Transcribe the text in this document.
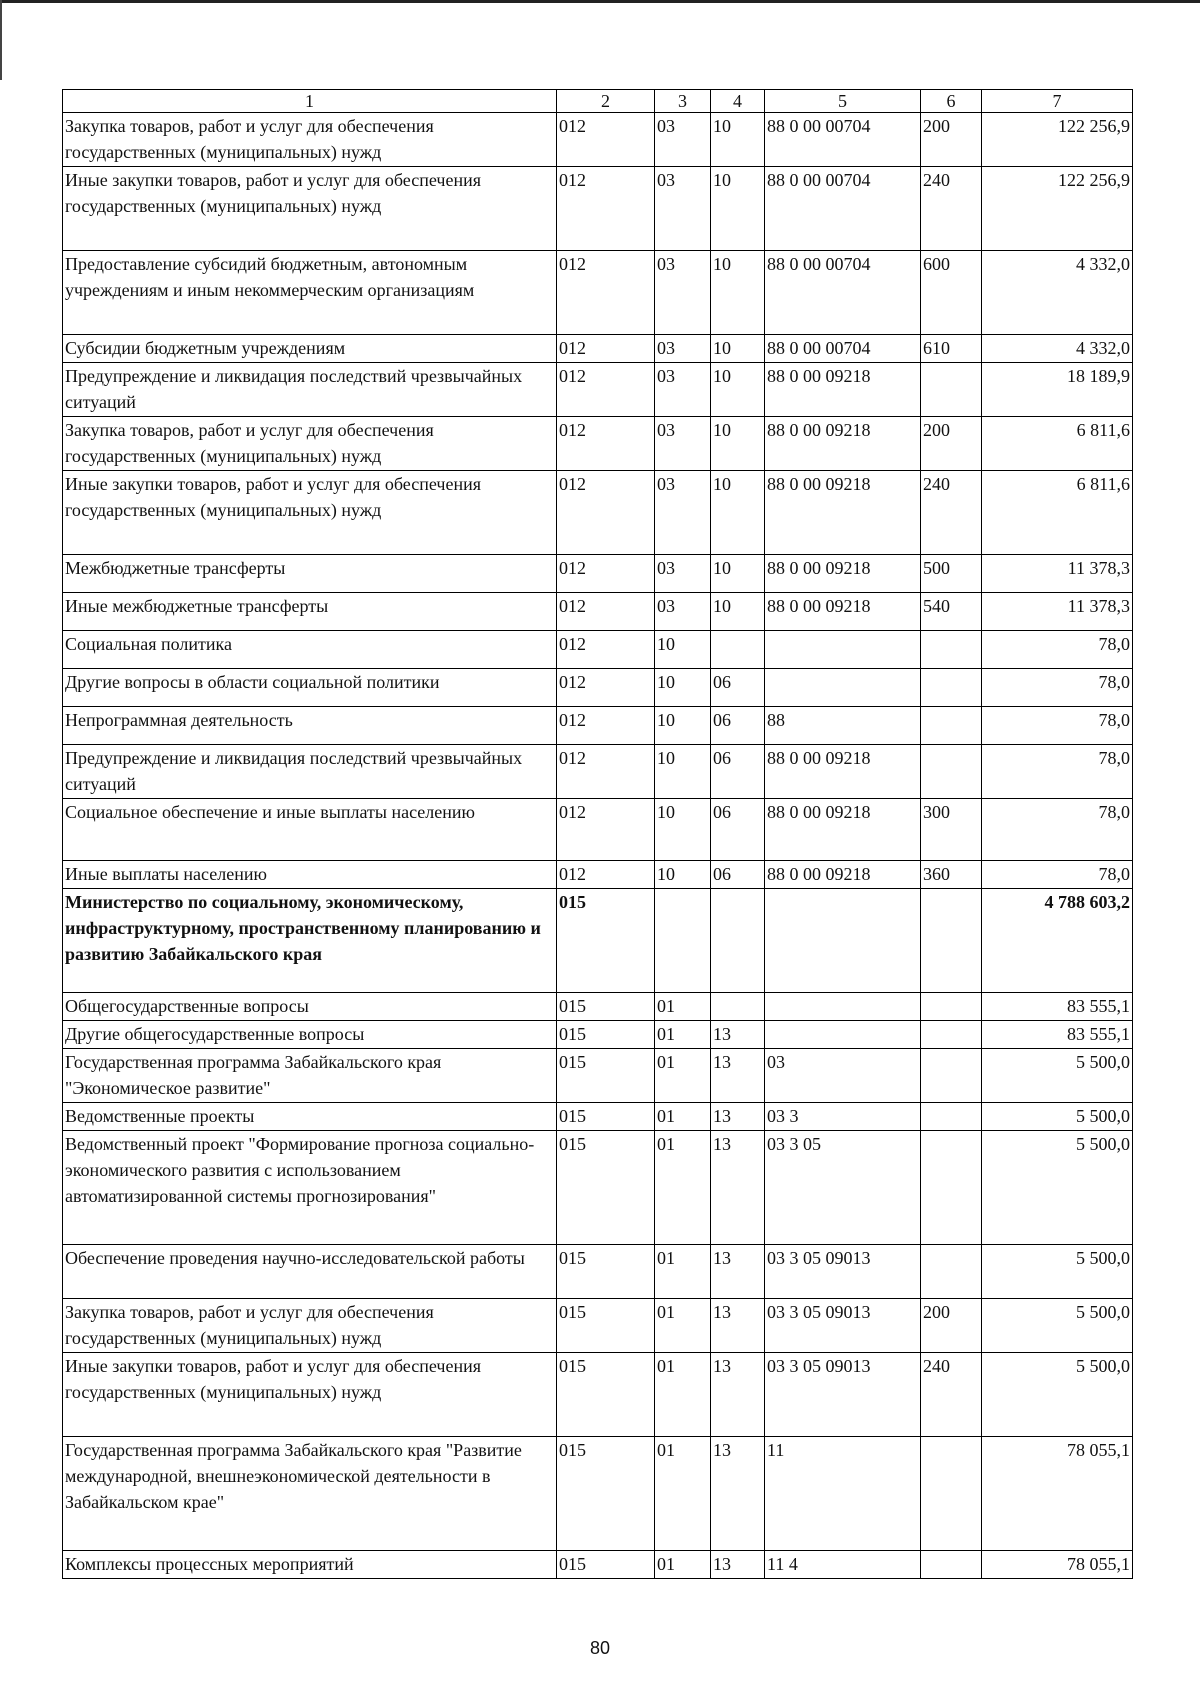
1	2	3	4	5	6	7
Закупка товаров, работ и услуг для обеспечения государственных (муниципальных) нужд	012	03	10	88 0 00 00704	200	122 256,9
Иные закупки товаров, работ и услуг для обеспечения государственных (муниципальных) нужд	012	03	10	88 0 00 00704	240	122 256,9
Предоставление субсидий бюджетным, автономным учреждениям и иным некоммерческим организациям	012	03	10	88 0 00 00704	600	4 332,0
Субсидии бюджетным учреждениям	012	03	10	88 0 00 00704	610	4 332,0
Предупреждение и ликвидация последствий чрезвычайных ситуаций	012	03	10	88 0 00 09218		18 189,9
Закупка товаров, работ и услуг для обеспечения государственных (муниципальных) нужд	012	03	10	88 0 00 09218	200	6 811,6
Иные закупки товаров, работ и услуг для обеспечения государственных (муниципальных) нужд	012	03	10	88 0 00 09218	240	6 811,6
Межбюджетные трансферты	012	03	10	88 0 00 09218	500	11 378,3
Иные межбюджетные трансферты	012	03	10	88 0 00 09218	540	11 378,3
Социальная политика	012	10				78,0
Другие вопросы в области социальной политики	012	10	06			78,0
Непрограммная деятельность	012	10	06	88		78,0
Предупреждение и ликвидация последствий чрезвычайных ситуаций	012	10	06	88 0 00 09218		78,0
Социальное обеспечение и иные выплаты населению	012	10	06	88 0 00 09218	300	78,0
Иные выплаты населению	012	10	06	88 0 00 09218	360	78,0
Министерство по социальному, экономическому, инфраструктурному, пространственному планированию и развитию Забайкальского края	015					4 788 603,2
Общегосударственные вопросы	015	01				83 555,1
Другие общегосударственные вопросы	015	01	13			83 555,1
Государственная программа Забайкальского края "Экономическое развитие"	015	01	13	03		5 500,0
Ведомственные проекты	015	01	13	03 3		5 500,0
Ведомственный проект "Формирование прогноза социально-экономического развития с использованием автоматизированной системы прогнозирования"	015	01	13	03 3 05		5 500,0
Обеспечение проведения научно-исследовательской работы	015	01	13	03 3 05 09013		5 500,0
Закупка товаров, работ и услуг для обеспечения государственных (муниципальных) нужд	015	01	13	03 3 05 09013	200	5 500,0
Иные закупки товаров, работ и услуг для обеспечения государственных (муниципальных) нужд	015	01	13	03 3 05 09013	240	5 500,0
Государственная программа Забайкальского края "Развитие международной, внешнеэкономической деятельности в Забайкальском крае"	015	01	13	11		78 055,1
Комплексы процессных мероприятий	015	01	13	11 4		78 055,1
80
